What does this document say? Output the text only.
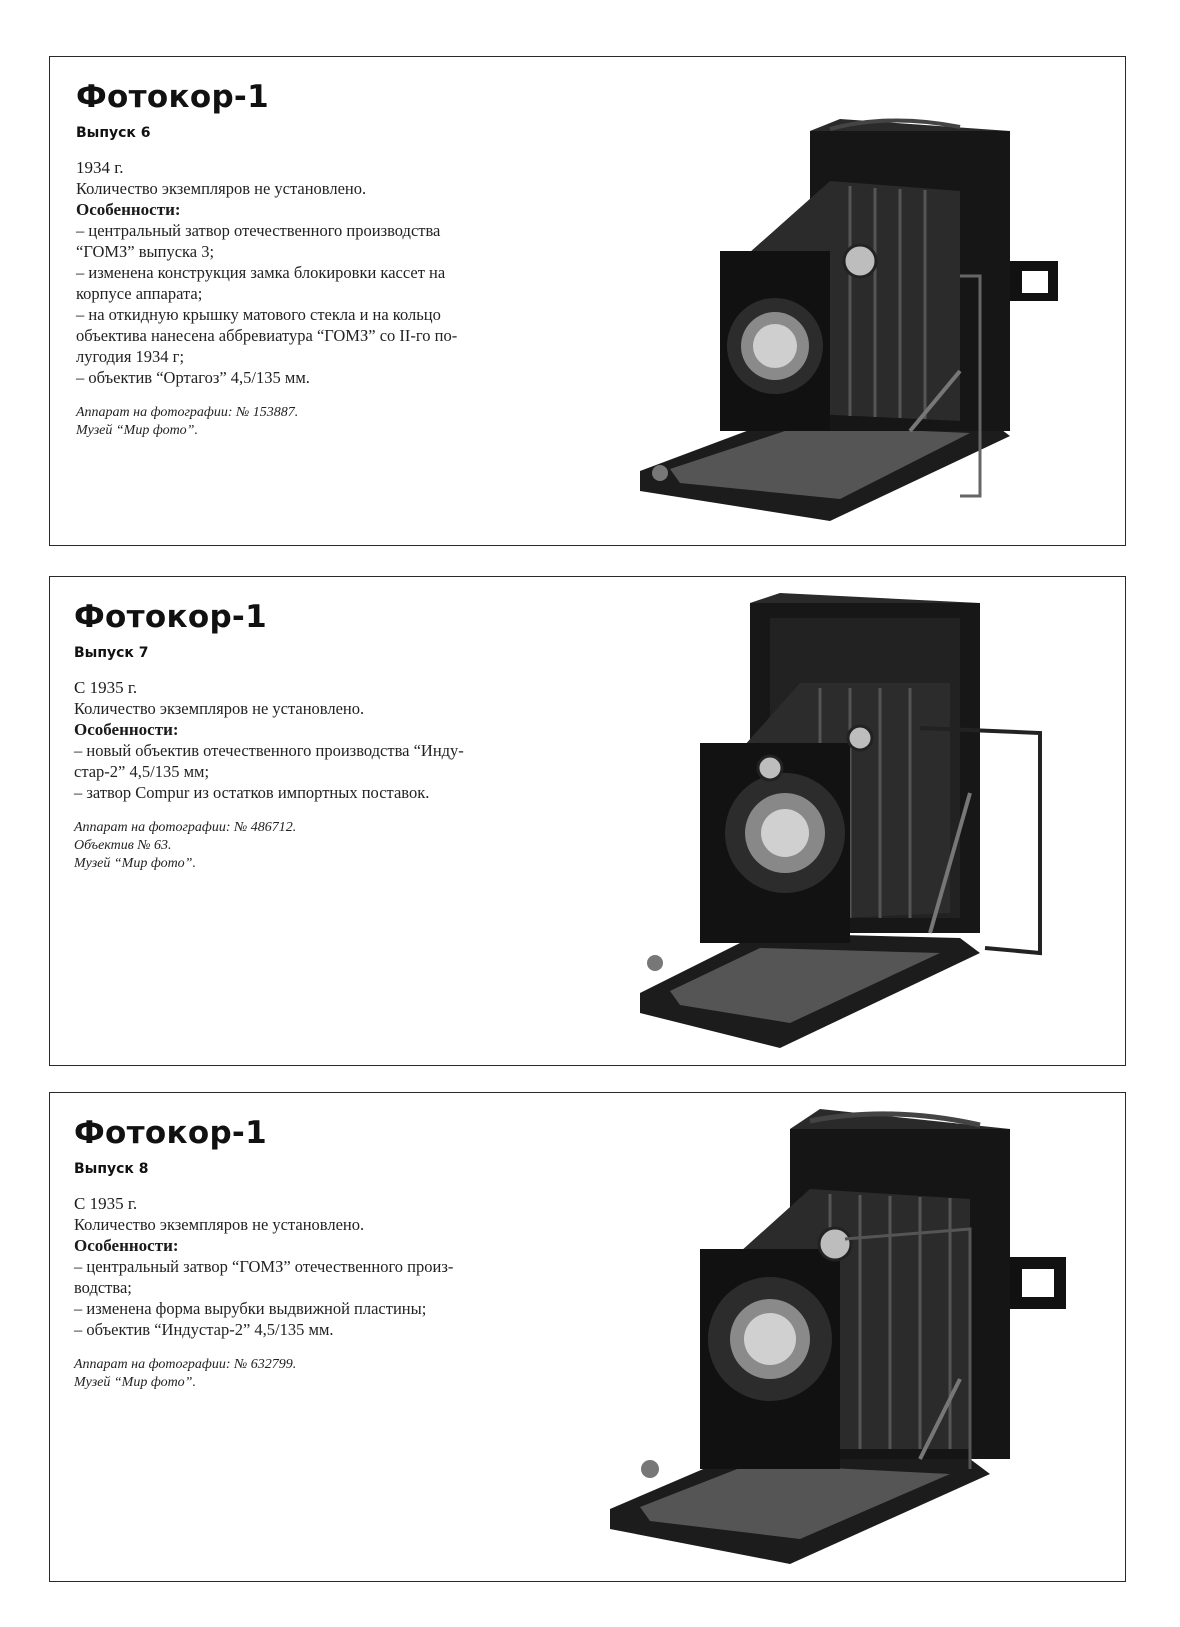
Фотокор-1
Выпуск 6
1934 г.
Количество экземпляров не установлено.
Особенности:
– центральный затвор отечественного производства
“ГОМЗ” выпуска 3;
– изменена конструкция замка блокировки кассет на
корпусе аппарата;
– на откидную крышку матового стекла и на кольцо
объектива нанесена аббревиатура “ГОМЗ” со II-го по-
лугодия 1934 г;
– объектив “Ортагоз” 4,5/135 мм.
Аппарат на фотографии: № 153887.
Музей “Мир фото”.
Фотокор-1
Выпуск 7
С 1935 г.
Количество экземпляров не установлено.
Особенности:
– новый объектив отечественного производства “Инду-
стар-2” 4,5/135 мм;
– затвор Compur из остатков импортных поставок.
Аппарат на фотографии: № 486712.
Объектив № 63.
Музей “Мир фото”.
Фотокор-1
Выпуск 8
С 1935 г.
Количество экземпляров не установлено.
Особенности:
– центральный затвор “ГОМЗ” отечественного произ-
водства;
– изменена форма вырубки выдвижной пластины;
– объектив “Индустар-2” 4,5/135 мм.
Аппарат на фотографии: № 632799.
Музей “Мир фото”.
